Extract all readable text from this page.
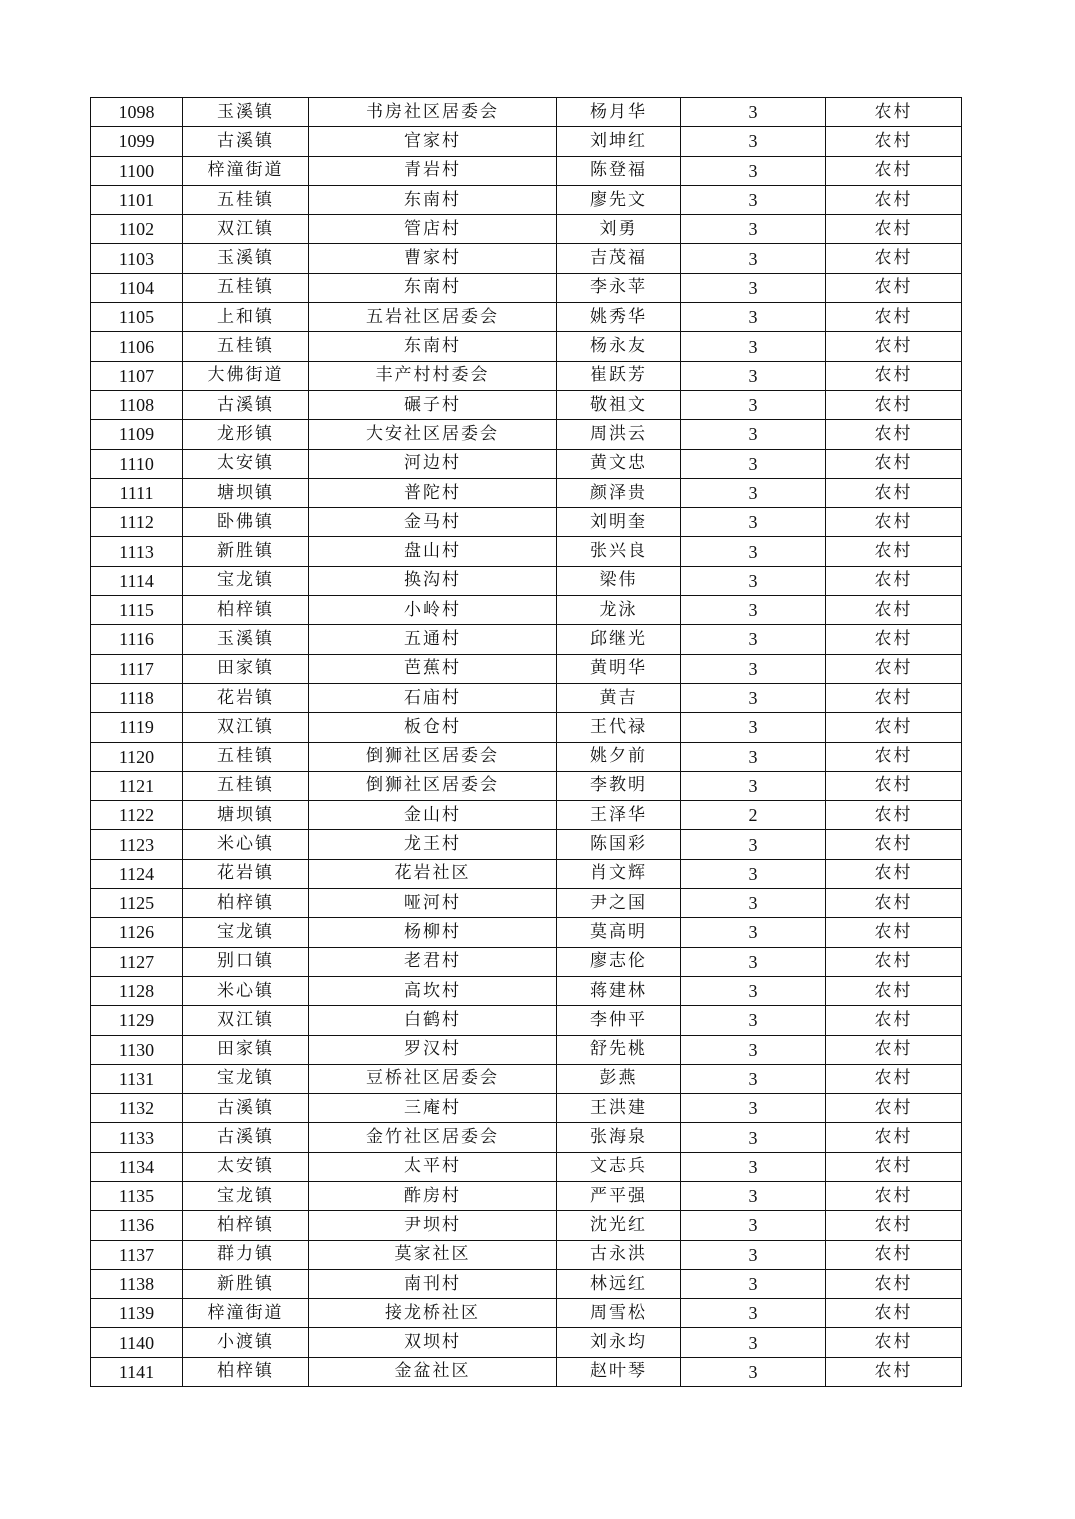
1098	玉溪镇	书房社区居委会	杨月华	3	农村
1099	古溪镇	官家村	刘坤红	3	农村
1100	梓潼街道	青岩村	陈登福	3	农村
1101	五桂镇	东南村	廖先文	3	农村
1102	双江镇	管店村	刘勇	3	农村
1103	玉溪镇	曹家村	吉茂福	3	农村
1104	五桂镇	东南村	李永苹	3	农村
1105	上和镇	五岩社区居委会	姚秀华	3	农村
1106	五桂镇	东南村	杨永友	3	农村
1107	大佛街道	丰产村村委会	崔跃芳	3	农村
1108	古溪镇	碾子村	敬祖文	3	农村
1109	龙形镇	大安社区居委会	周洪云	3	农村
1110	太安镇	河边村	黄文忠	3	农村
1111	塘坝镇	普陀村	颜泽贵	3	农村
1112	卧佛镇	金马村	刘明奎	3	农村
1113	新胜镇	盘山村	张兴良	3	农村
1114	宝龙镇	换沟村	梁伟	3	农村
1115	柏梓镇	小岭村	龙泳	3	农村
1116	玉溪镇	五通村	邱继光	3	农村
1117	田家镇	芭蕉村	黄明华	3	农村
1118	花岩镇	石庙村	黄吉	3	农村
1119	双江镇	板仓村	王代禄	3	农村
1120	五桂镇	倒狮社区居委会	姚夕前	3	农村
1121	五桂镇	倒狮社区居委会	李教明	3	农村
1122	塘坝镇	金山村	王泽华	2	农村
1123	米心镇	龙王村	陈国彩	3	农村
1124	花岩镇	花岩社区	肖文辉	3	农村
1125	柏梓镇	哑河村	尹之国	3	农村
1126	宝龙镇	杨柳村	莫高明	3	农村
1127	别口镇	老君村	廖志伦	3	农村
1128	米心镇	高坎村	蒋建林	3	农村
1129	双江镇	白鹤村	李仲平	3	农村
1130	田家镇	罗汉村	舒先桃	3	农村
1131	宝龙镇	豆桥社区居委会	彭燕	3	农村
1132	古溪镇	三庵村	王洪建	3	农村
1133	古溪镇	金竹社区居委会	张海泉	3	农村
1134	太安镇	太平村	文志兵	3	农村
1135	宝龙镇	酢房村	严平强	3	农村
1136	柏梓镇	尹坝村	沈光红	3	农村
1137	群力镇	莫家社区	古永洪	3	农村
1138	新胜镇	南刊村	林远红	3	农村
1139	梓潼街道	接龙桥社区	周雪松	3	农村
1140	小渡镇	双坝村	刘永均	3	农村
1141	柏梓镇	金盆社区	赵叶琴	3	农村
